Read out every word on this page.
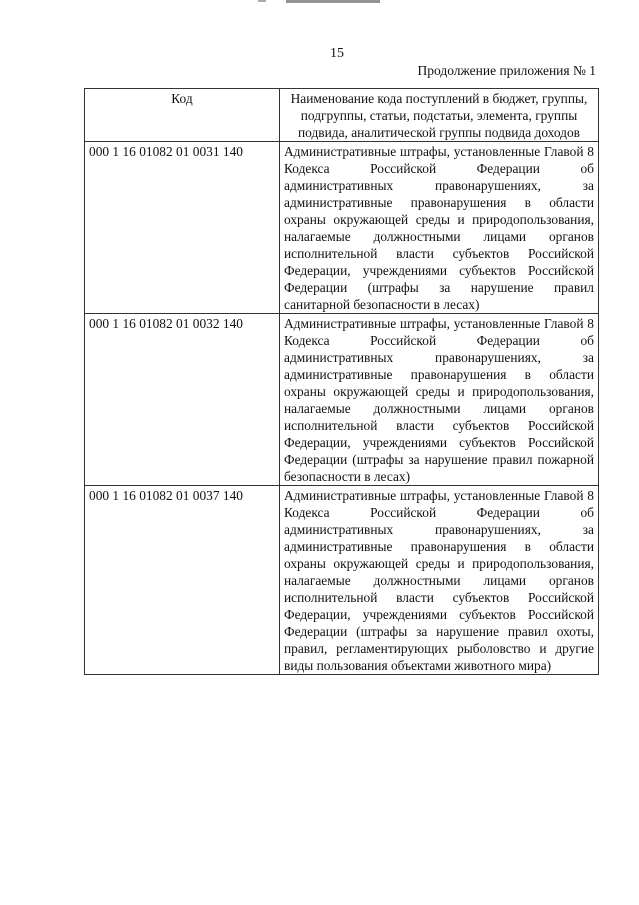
15
Продолжение приложения № 1
Код	Наименование кода поступлений в бюджет, группы, подгруппы, статьи, подстатьи, элемента, группы подвида, аналитической группы подвида доходов
000 1 16 01082 01 0031 140	Административные штрафы, установленные Главой 8 Кодекса Российской Федерации об административных правонарушениях, за административные правонарушения в области охраны окружающей среды и природопользования, налагаемые должностными лицами органов исполнительной власти субъектов Российской Федерации, учреждениями субъектов Российской Федерации (штрафы за нарушение правил санитарной безопасности в лесах)
000 1 16 01082 01 0032 140	Административные штрафы, установленные Главой 8 Кодекса Российской Федерации об административных правонарушениях, за административные правонарушения в области охраны окружающей среды и природопользования, налагаемые должностными лицами органов исполнительной власти субъектов Российской Федерации, учреждениями субъектов Российской Федерации (штрафы за нарушение правил пожарной безопасности в лесах)
000 1 16 01082 01 0037 140	Административные штрафы, установленные Главой 8 Кодекса Российской Федерации об административных правонарушениях, за административные правонарушения в области охраны окружающей среды и природопользования, налагаемые должностными лицами органов исполнительной власти субъектов Российской Федерации, учреждениями субъектов Российской Федерации (штрафы за нарушение правил охоты, правил, регламентирующих рыболовство и другие виды пользования объектами животного мира)
